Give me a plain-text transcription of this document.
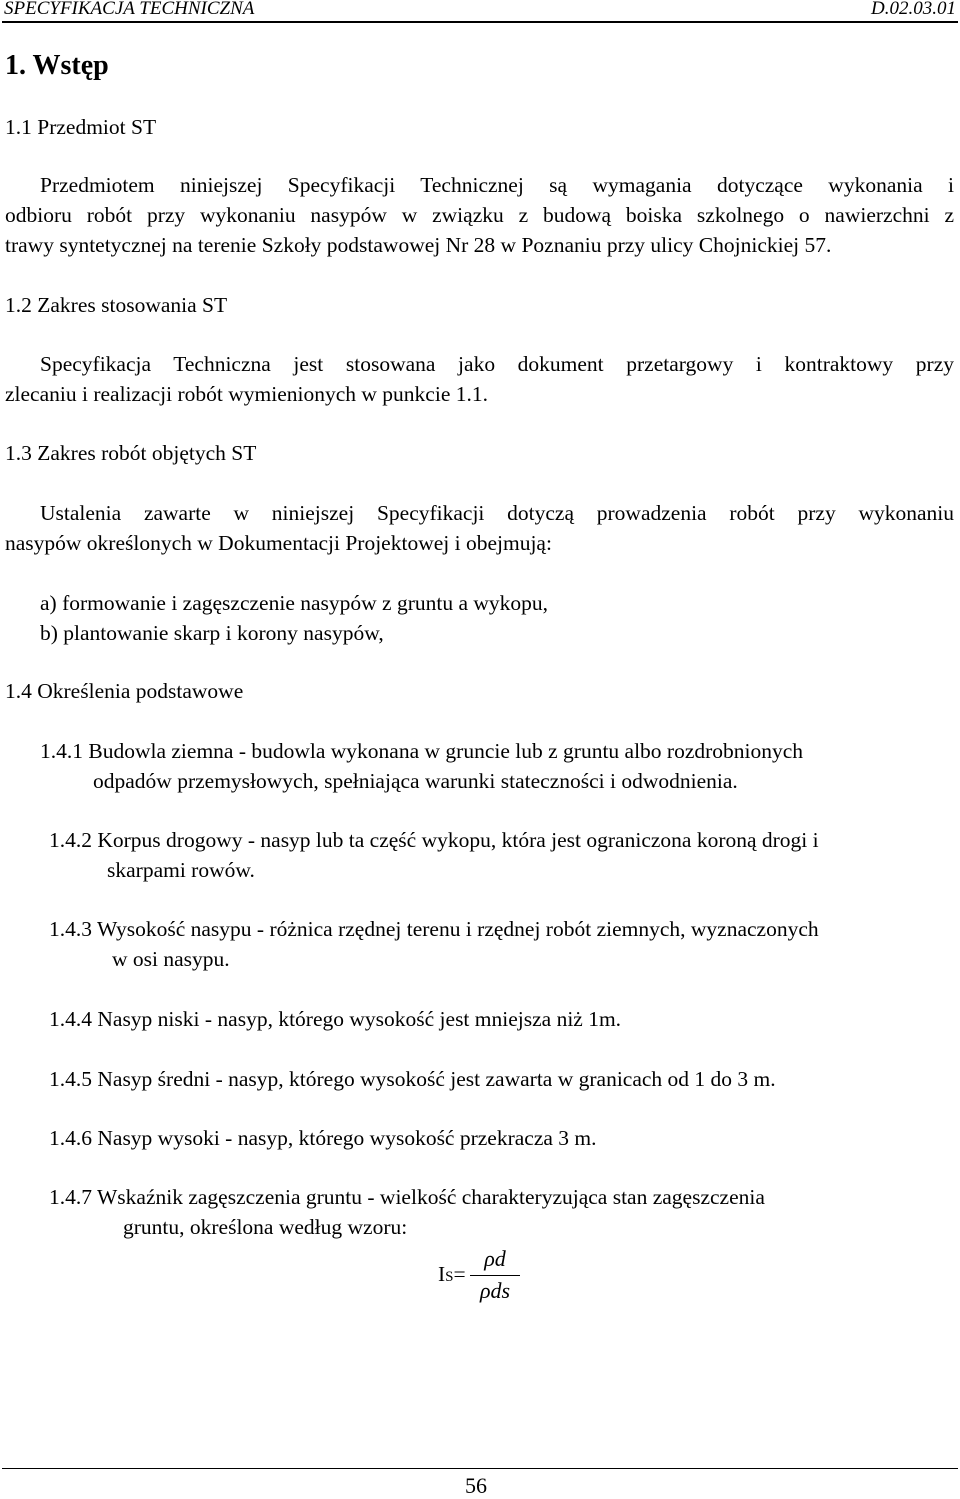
SPECYFIKACJA TECHNICZNA	D.02.03.01
1. Wstęp
1.1 Przedmiot ST
Przedmiotem niniejszej Specyfikacji Technicznej są wymagania dotyczące wykonania i
odbioru robót przy wykonaniu nasypów w związku z budową boiska szkolnego o nawierzchni z
trawy syntetycznej na terenie Szkoły podstawowej Nr 28 w Poznaniu przy ulicy Chojnickiej 57.
1.2 Zakres stosowania ST
Specyfikacja Techniczna jest stosowana jako dokument przetargowy i kontraktowy przy
zlecaniu i realizacji robót wymienionych w punkcie 1.1.
1.3 Zakres robót objętych ST
Ustalenia zawarte w niniejszej Specyfikacji dotyczą prowadzenia robót przy wykonaniu
nasypów określonych w Dokumentacji Projektowej i obejmują:
a) formowanie i zagęszczenie nasypów z gruntu a wykopu,
b) plantowanie skarp i korony nasypów,
1.4 Określenia podstawowe
1.4.1 Budowla ziemna - budowla wykonana w gruncie lub z gruntu albo rozdrobnionych
odpadów przemysłowych, spełniająca warunki stateczności i odwodnienia.
1.4.2 Korpus drogowy - nasyp lub ta część wykopu, która jest ograniczona koroną drogi i
skarpami rowów.
1.4.3 Wysokość nasypu - różnica rzędnej terenu i rzędnej robót ziemnych, wyznaczonych
w osi nasypu.
1.4.4 Nasyp niski - nasyp, którego wysokość jest mniejsza niż 1m.
1.4.5 Nasyp średni - nasyp, którego wysokość jest zawarta w granicach od 1 do 3 m.
1.4.6 Nasyp wysoki - nasyp, którego wysokość przekracza 3 m.
1.4.7 Wskaźnik zagęszczenia gruntu - wielkość charakteryzująca stan zagęszczenia
gruntu, określona według wzoru:
IS=
ρd
ρds
56
